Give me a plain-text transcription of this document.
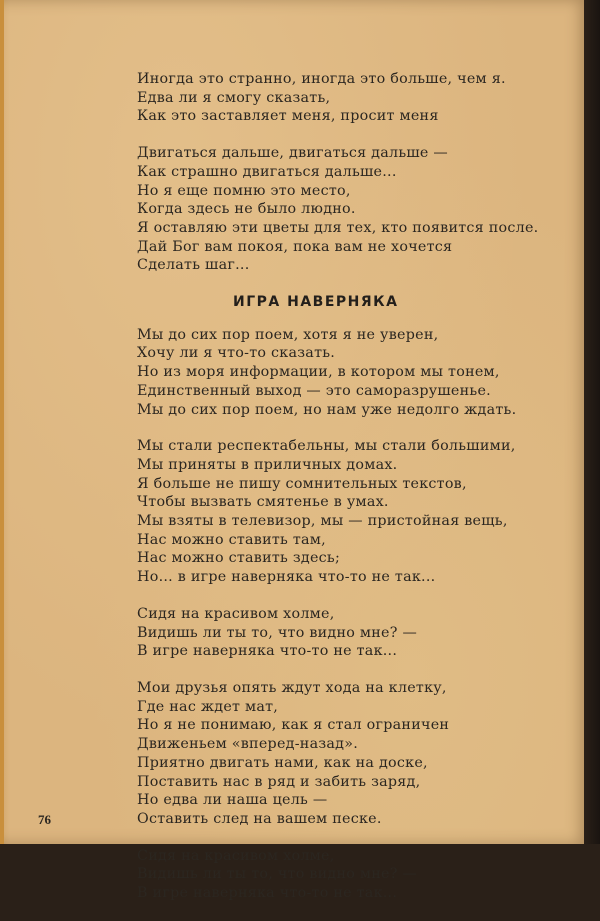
Иногда это странно, иногда это больше, чем я.
Едва ли я смогу сказать,
Как это заставляет меня, просит меня
Двигаться дальше, двигаться дальше —
Как страшно двигаться дальше...
Но я еще помню это место,
Когда здесь не было людно.
Я оставляю эти цветы для тех, кто появится после.
Дай Бог вам покоя, пока вам не хочется
Сделать шаг...
ИГРА НАВЕРНЯКА
Мы до сих пор поем, хотя я не уверен,
Хочу ли я что-то сказать.
Но из моря информации, в котором мы тонем,
Единственный выход — это саморазрушенье.
Мы до сих пор поем, но нам уже недолго ждать.
Мы стали респектабельны, мы стали большими,
Мы приняты в приличных домах.
Я больше не пишу сомнительных текстов,
Чтобы вызвать смятенье в умах.
Мы взяты в телевизор, мы — пристойная вещь,
Нас можно ставить там,
Нас можно ставить здесь;
Но... в игре наверняка что-то не так...
Сидя на красивом холме,
Видишь ли ты то, что видно мне? —
В игре наверняка что-то не так...
Мои друзья опять ждут хода на клетку,
Где нас ждет мат,
Но я не понимаю, как я стал ограничен
Движеньем «вперед-назад».
Приятно двигать нами, как на доске,
Поставить нас в ряд и забить заряд,
Но едва ли наша цель —
Оставить след на вашем песке.
Сидя на красивом холме,
Видишь ли ты то, что видно мне? —
В игре наверняка что-то не так...
76
